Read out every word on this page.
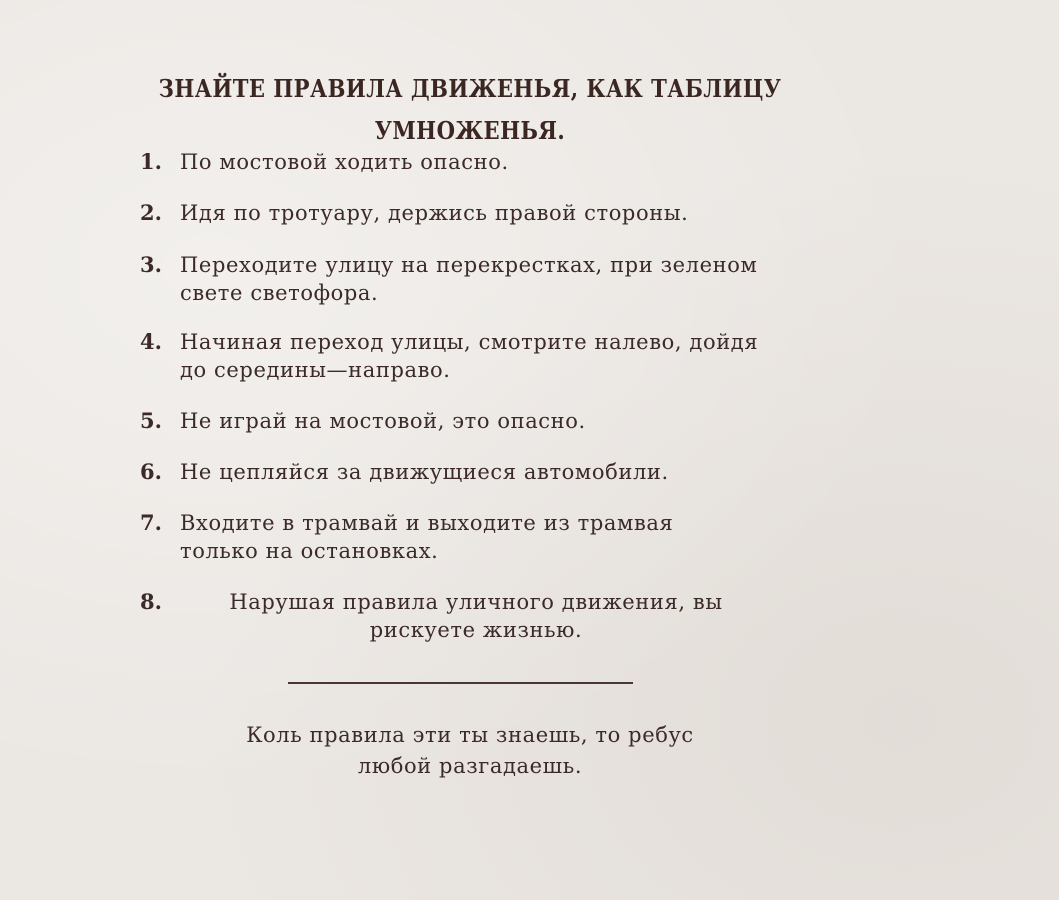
ЗНАЙТЕ ПРАВИЛА ДВИЖЕНЬЯ, КАК ТАБЛИЦУ
УМНОЖЕНЬЯ.
1. По мостовой ходить опасно.
2. Идя по тротуару, держись правой стороны.
3. Переходите улицу на перекрестках, при зеленом
свете светофора.
4. Начиная переход улицы, смотрите налево, дойдя
до середины—направо.
5. Не играй на мостовой, это опасно.
6. Не цепляйся за движущиеся автомобили.
7. Входите в трамвай и выходите из трамвая
только на остановках.
8.	Нарушая правила уличного движения, вы
рискуете жизнью.
Коль правила эти ты знаешь, то ребус
любой разгадаешь.
